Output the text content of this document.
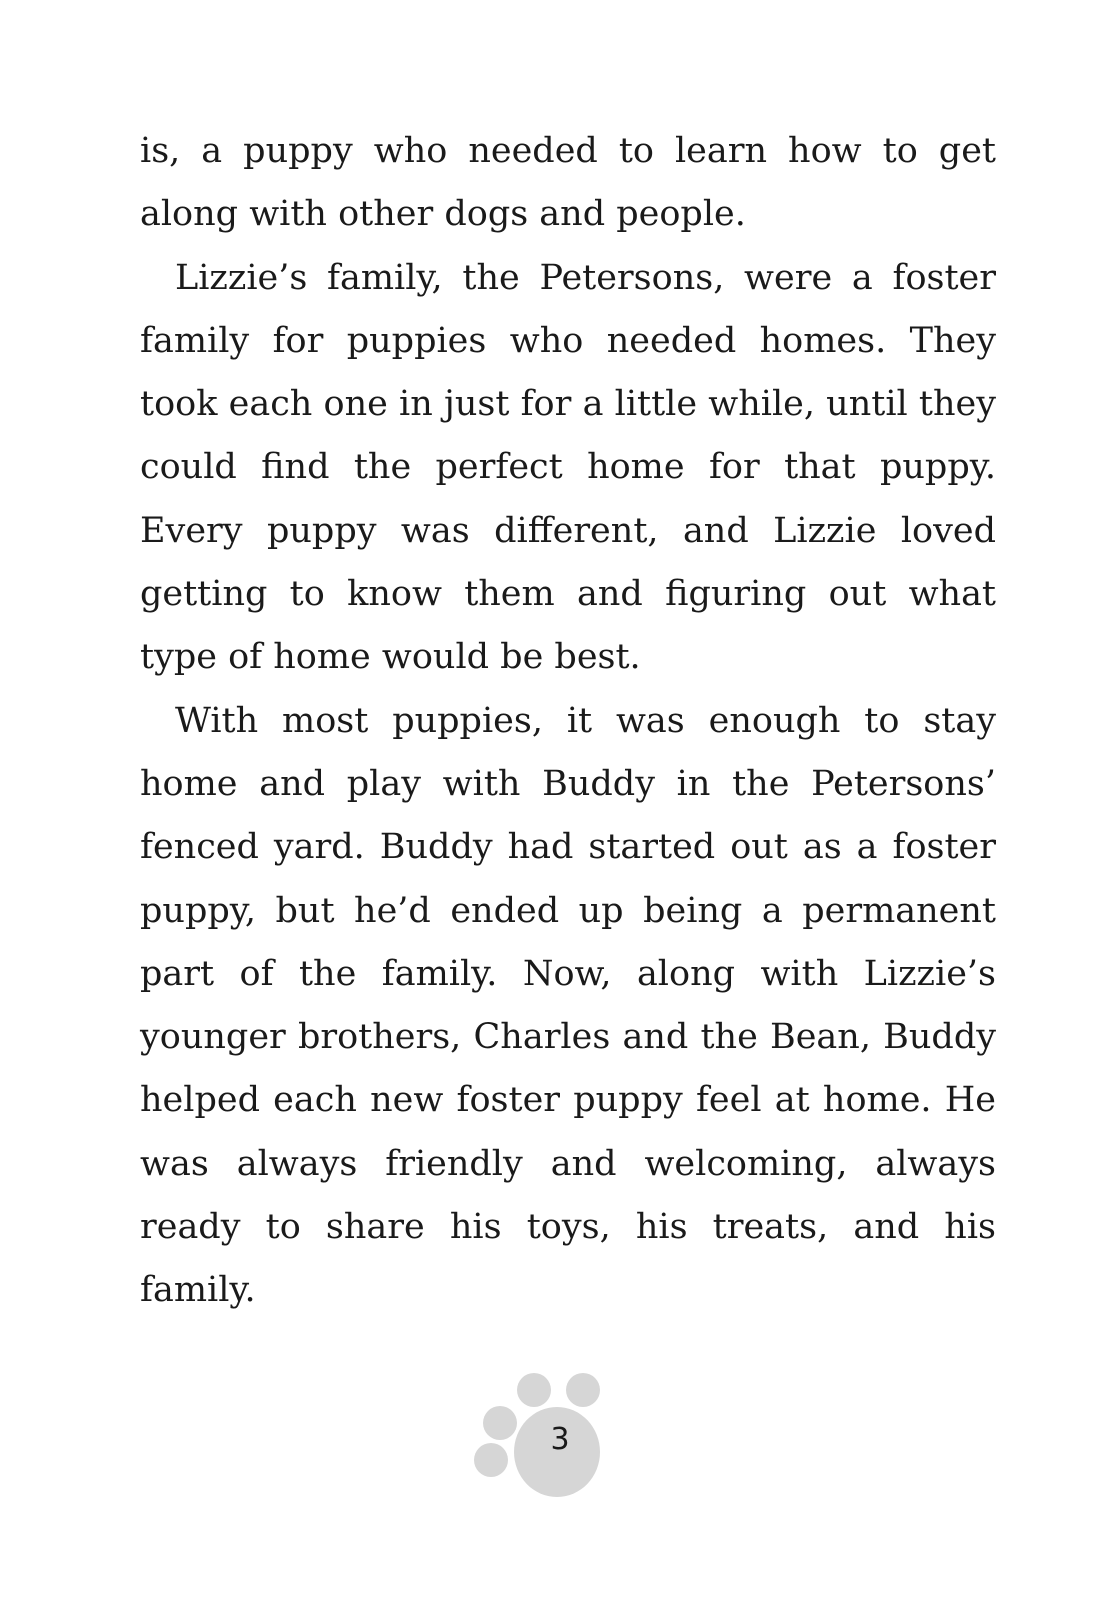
is, a puppy who needed to learn how to get along with other dogs and people.

Lizzie’s family, the Petersons, were a foster family for puppies who needed homes. They took each one in just for a little while, until they could find the perfect home for that puppy. Every puppy was different, and Lizzie loved getting to know them and figuring out what type of home would be best.

With most puppies, it was enough to stay home and play with Buddy in the Petersons’ fenced yard. Buddy had started out as a foster puppy, but he’d ended up being a permanent part of the family. Now, along with Lizzie’s younger brothers, Charles and the Bean, Buddy helped each new foster puppy feel at home. He was always friendly and welcoming, always ready to share his toys, his treats, and his family.

3
